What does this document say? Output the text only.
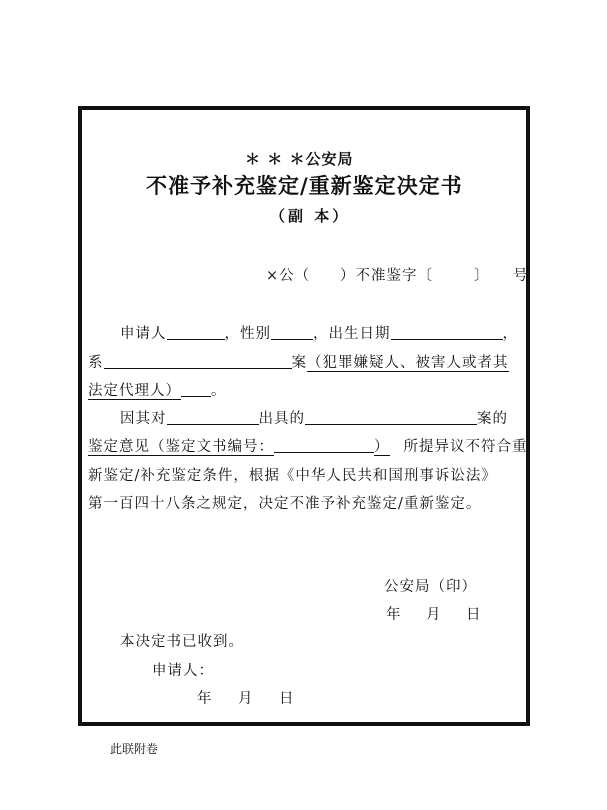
＊ ＊ ＊公安局
不准予补充鉴定/重新鉴定决定书
（副 本）
×公（ ）不准鉴字〔	〕 号
申请人	，性别	，出生日期	，
系	案（犯罪嫌疑人、被害人或者其
法定代理人） 。
因其对	出具的	案的
鉴定意见（鉴定文书编号：	） 所提异议不符合重
新鉴定/补充鉴定条件，根据《中华人民共和国刑事诉讼法》
第一百四十八条之规定，决定不准予补充鉴定/重新鉴定。
公安局（印）
年 月 日
本决定书已收到。
申请人：
年 月 日
此联附卷
